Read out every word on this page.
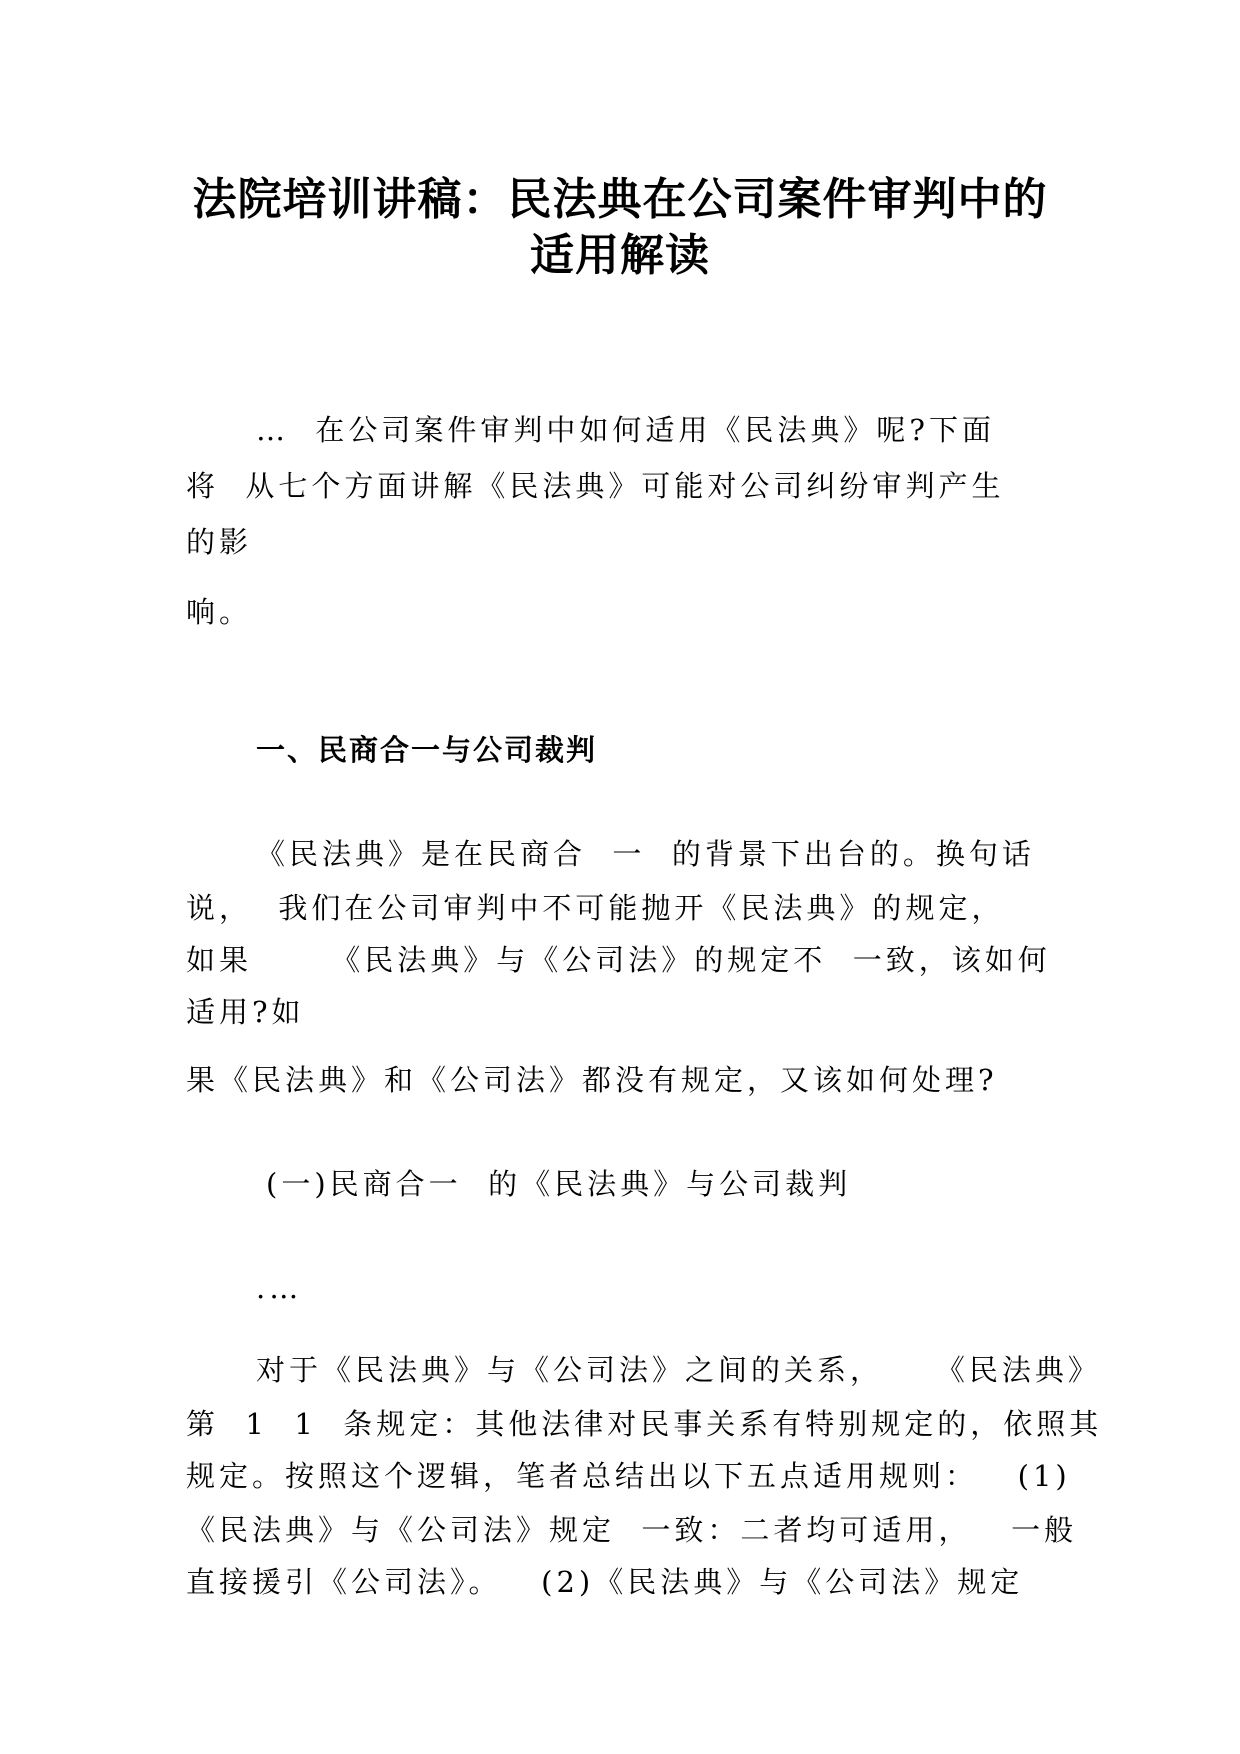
法院培训讲稿：民法典在公司案件审判中的
适用解读

…  在公司案件审判中如何适用《民法典》呢?下面

将  从七个方面讲解《民法典》可能对公司纠纷审判产生

的影

响。

一、民商合一与公司裁判

《民法典》是在民商合  一  的背景下出台的。换句话

说，  我们在公司审判中不可能抛开《民法典》的规定，

如果      《民法典》与《公司法》的规定不  一致，该如何

适用?如

果《民法典》和《公司法》都没有规定，又该如何处理?

(一)民商合一  的《民法典》与公司裁判

.…

对于《民法典》与《公司法》之间的关系，    《民法典》

第  1  1  条规定：其他法律对民事关系有特别规定的，依照其

规定。按照这个逻辑，笔者总结出以下五点适用规则：   (1)

《民法典》与《公司法》规定  一致：二者均可适用，   一般

直接援引《公司法》。   (2)《民法典》与《公司法》规定
